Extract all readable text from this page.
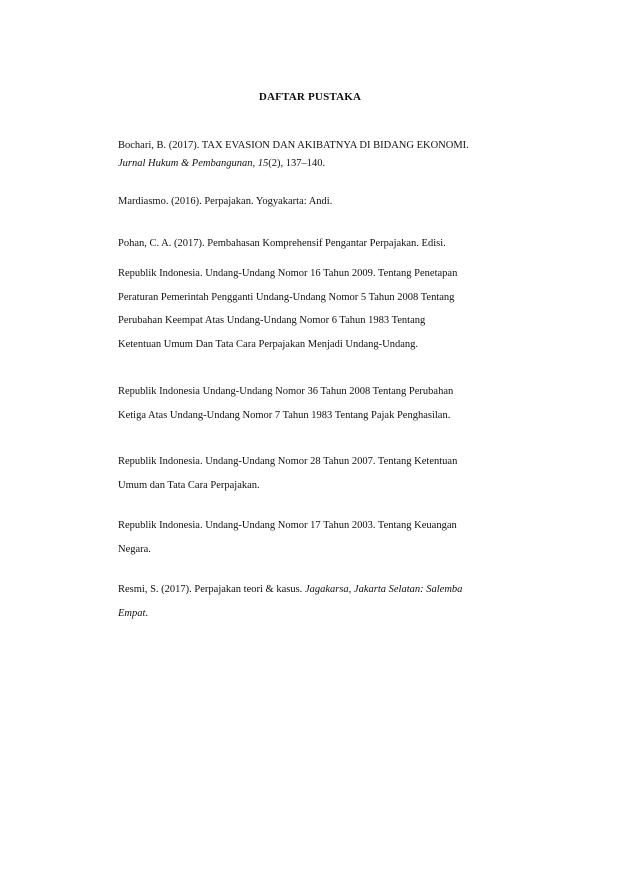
DAFTAR PUSTAKA
Bochari, B. (2017). TAX EVASION DAN AKIBATNYA DI BIDANG EKONOMI.
Jurnal Hukum & Pembangunan, 15(2), 137–140.
Mardiasmo. (2016). Perpajakan. Yogyakarta: Andi.
Pohan, C. A. (2017). Pembahasan Komprehensif Pengantar Perpajakan. Edisi.
Republik Indonesia. Undang-Undang Nomor 16 Tahun 2009. Tentang Penetapan
Peraturan Pemerintah Pengganti Undang-Undang Nomor 5 Tahun 2008 Tentang
Perubahan Keempat Atas Undang-Undang Nomor 6 Tahun 1983 Tentang
Ketentuan Umum Dan Tata Cara Perpajakan Menjadi Undang-Undang.
Republik Indonesia Undang-Undang Nomor 36 Tahun 2008 Tentang Perubahan
Ketiga Atas Undang-Undang Nomor 7 Tahun 1983 Tentang Pajak Penghasilan.
Republik Indonesia. Undang-Undang Nomor 28 Tahun 2007. Tentang Ketentuan
Umum dan Tata Cara Perpajakan.
Republik Indonesia. Undang-Undang Nomor 17 Tahun 2003. Tentang Keuangan
Negara.
Resmi, S. (2017). Perpajakan teori & kasus. Jagakarsa, Jakarta Selatan: Salemba
Empat.
